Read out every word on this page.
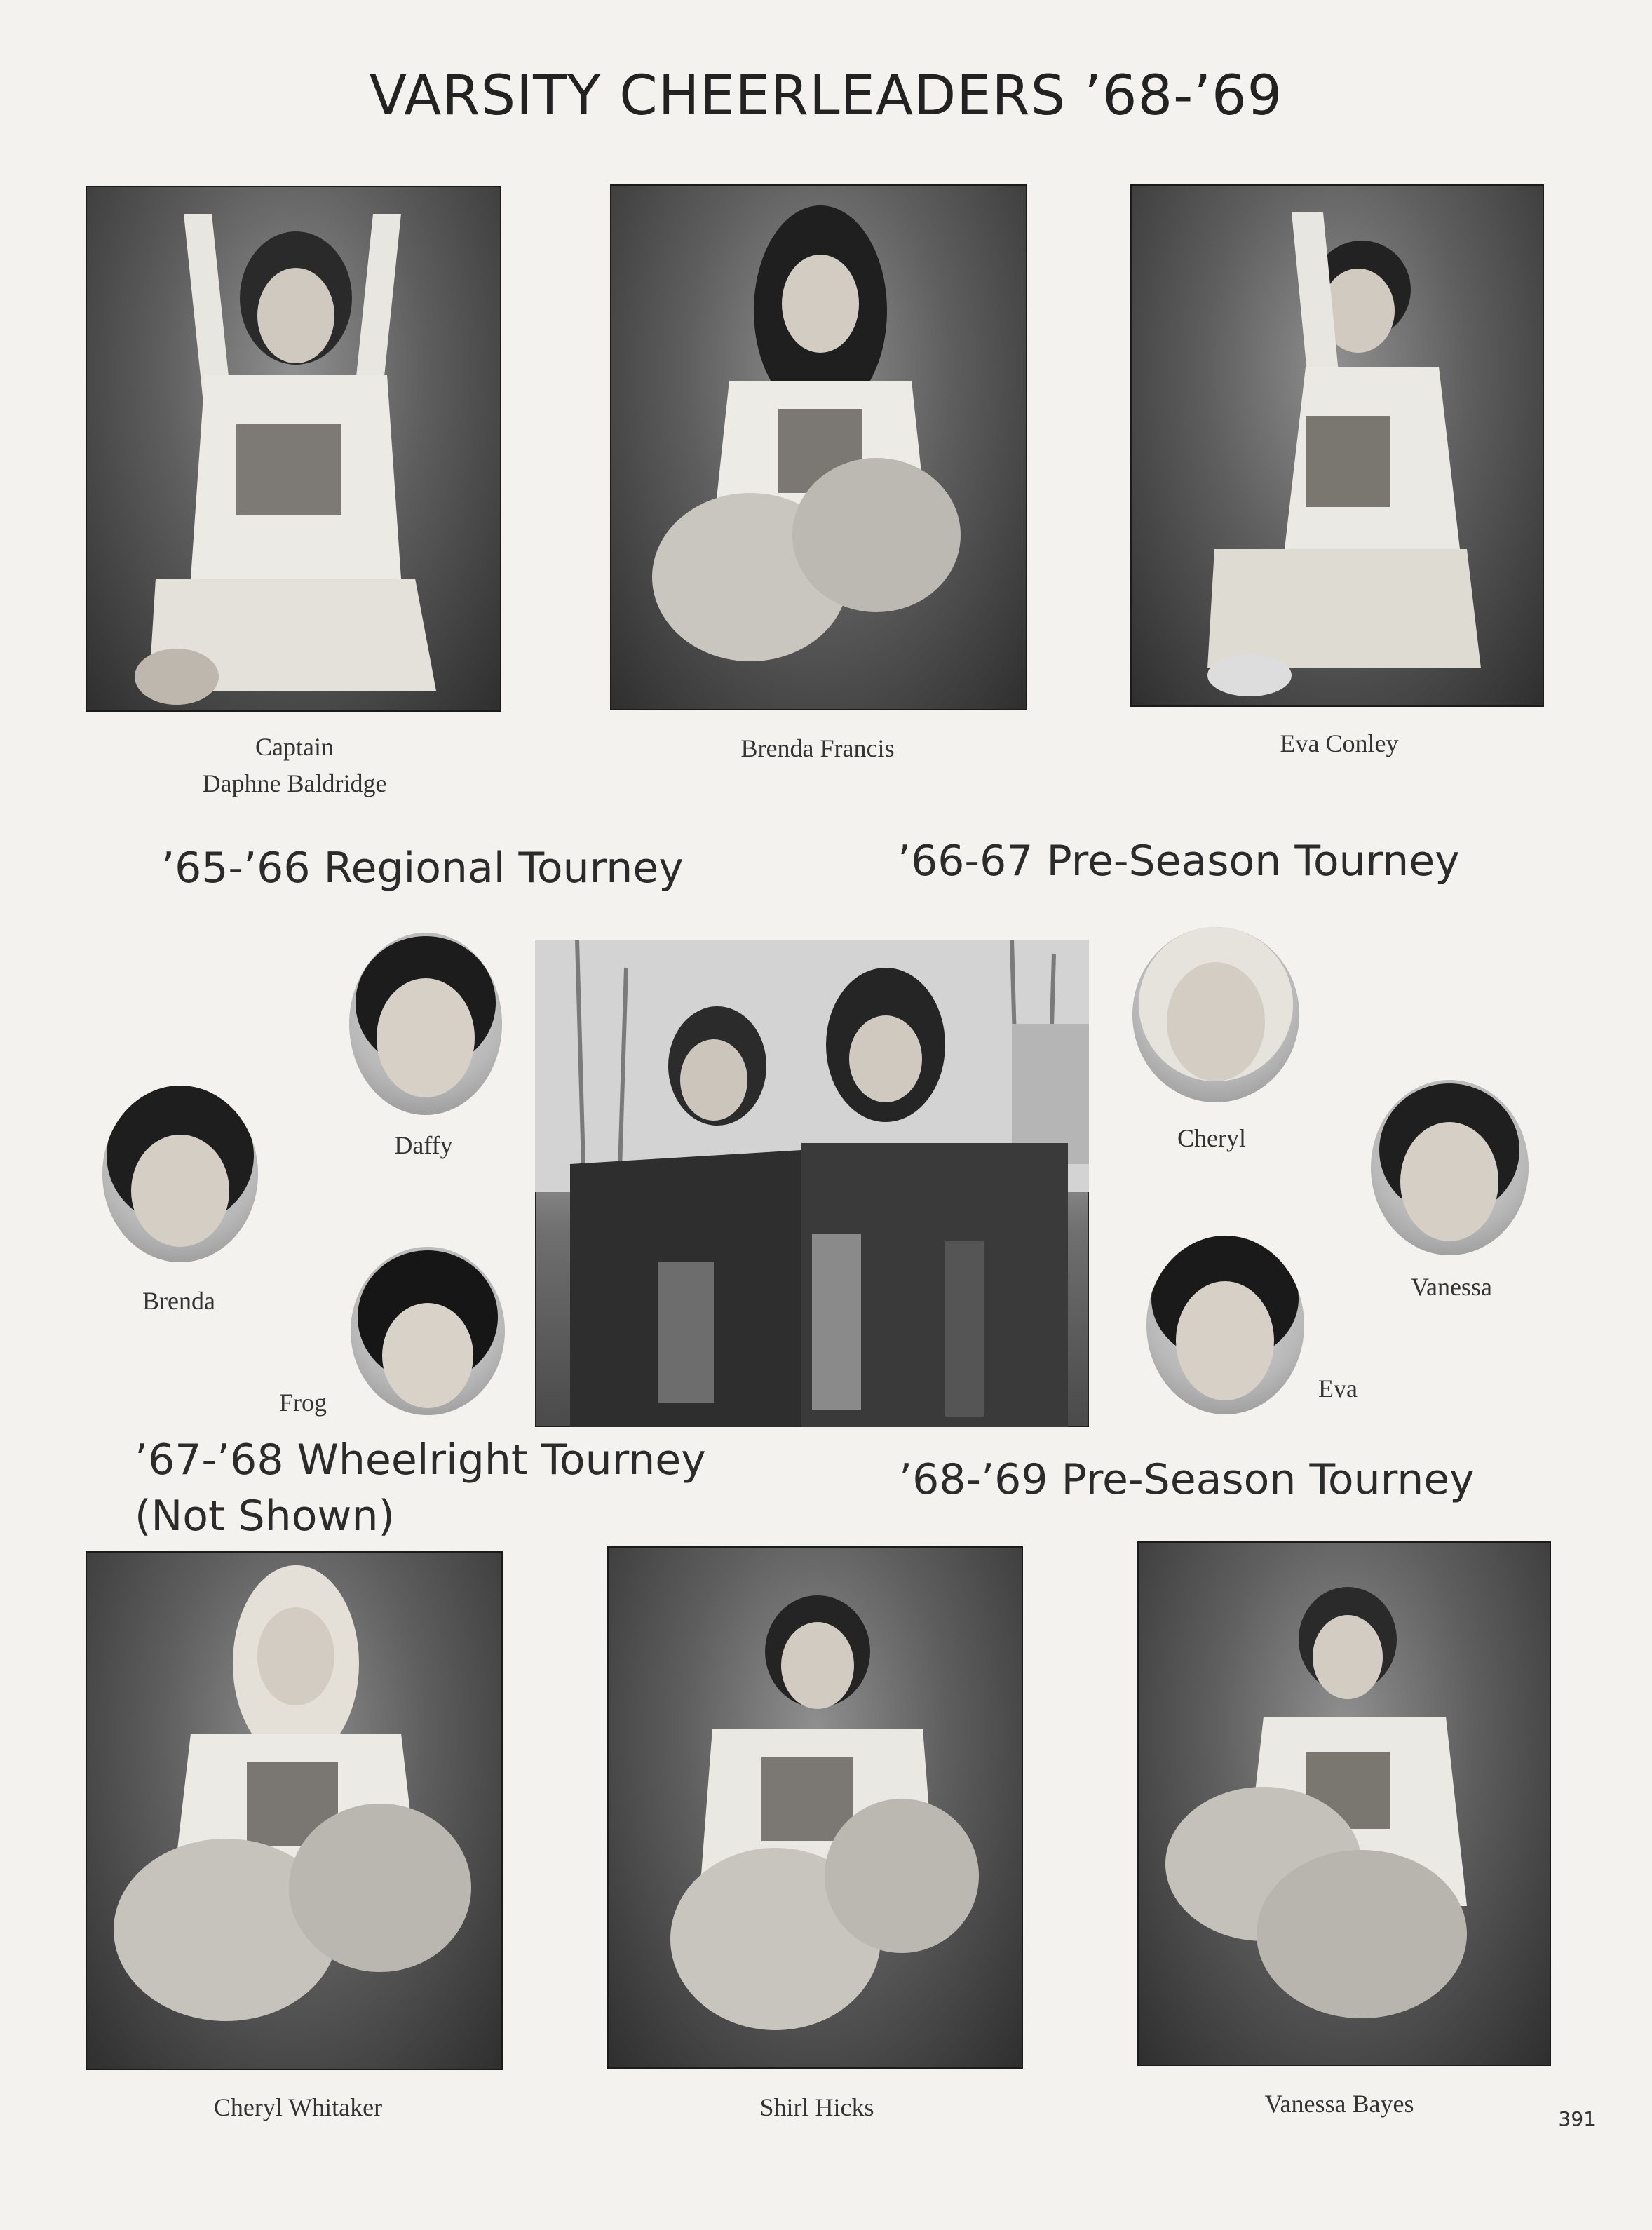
VARSITY CHEERLEADERS ’68-’69
Captain
Daphne Baldridge
Brenda Francis	Eva Conley
’65-’66 Regional Tourney	’66-67 Pre-Season Tourney
Daffy
Brenda
Frog
Cheryl
Vanessa
Eva
’67-’68 Wheelright Tourney
(Not Shown)
’68-’69 Pre-Season Tourney
Cheryl Whitaker	Shirl Hicks	Vanessa Bayes
391
